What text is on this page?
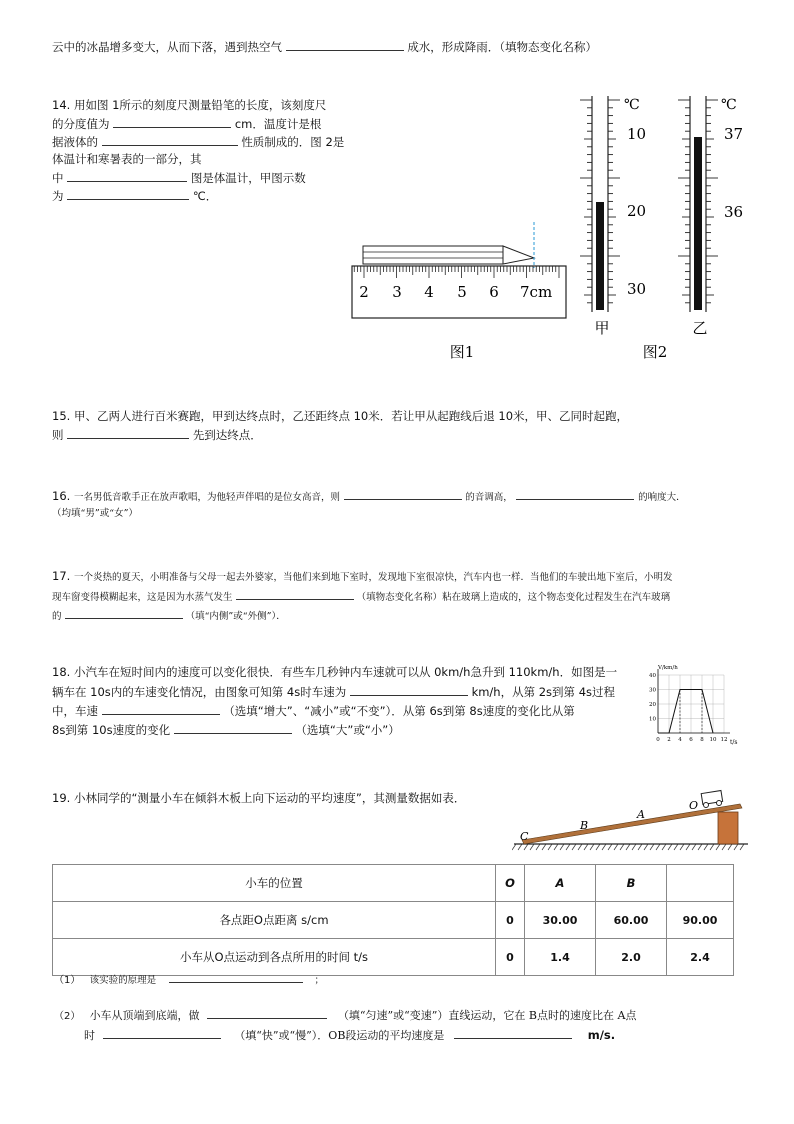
云中的冰晶增多变大，从而下落，遇到热空气	成水，形成降雨．（填物态变化名称）
14. 用如图 1所示的刻度尺测量铅笔的长度，该刻度尺
的分度值为	cm．温度计是根
据液体的	性质制成的．图 2是
体温计和寒暑表的一部分，其
中	图是体温计，甲图示数
为	℃．
2 3 4 5 6 7cm
图1
℃
10
20
30
甲
℃
37
36
乙
图2
15. 甲、乙两人进行百米赛跑，甲到达终点时，乙还距终点 10米．若让甲从起跑线后退 10米，甲、乙同时起跑，
则	先到达终点．
16. 一名男低音歌手正在放声歌唱，为他轻声伴唱的是位女高音，则	的音调高，	的响度大．
（均填“男”或“女”）
17. 一个炎热的夏天，小明准备与父母一起去外婆家，当他们来到地下室时，发现地下室很凉快，汽车内也一样．当他们的车驶出地下室后，小明发
现车窗变得模糊起来，这是因为水蒸气发生	（填物态变化名称）粘在玻璃上造成的，这个物态变化过程发生在汽车玻璃
的	（填“内侧”或“外侧”）．
18. 小汽车在短时间内的速度可以变化很快．有些车几秒钟内车速就可以从 0km/h急升到 110km/h．如图是一
辆车在 10s内的车速变化情况，由图象可知第 4s时车速为	km/h，从第 2s到第 4s过程
中，车速	（选填“增大”、“减小”或“不变”）．从第 6s到第 8s速度的变化比从第
8s到第 10s速度的变化	（选填“大”或“小”）
V/km/h
t/s
40
30
20
10
0 2 4 6 8 10 12
19. 小林同学的“测量小车在倾斜木板上向下运动的平均速度”，其测量数据如表．
C
B
A
O
小车的位置	O	A	B	
各点距O点距离 s/cm	0	30.00	60.00	90.00
小车从O点运动到各点所用的时间 t/s	0	1.4	2.0	2.4
（1） 该实验的原理是	；
（2） 小车从顶端到底端，做	（填“匀速”或“变速”）直线运动，它在 B点时的速度比在 A点
时	（填“快”或“慢”）．OB段运动的平均速度是	m/s.
